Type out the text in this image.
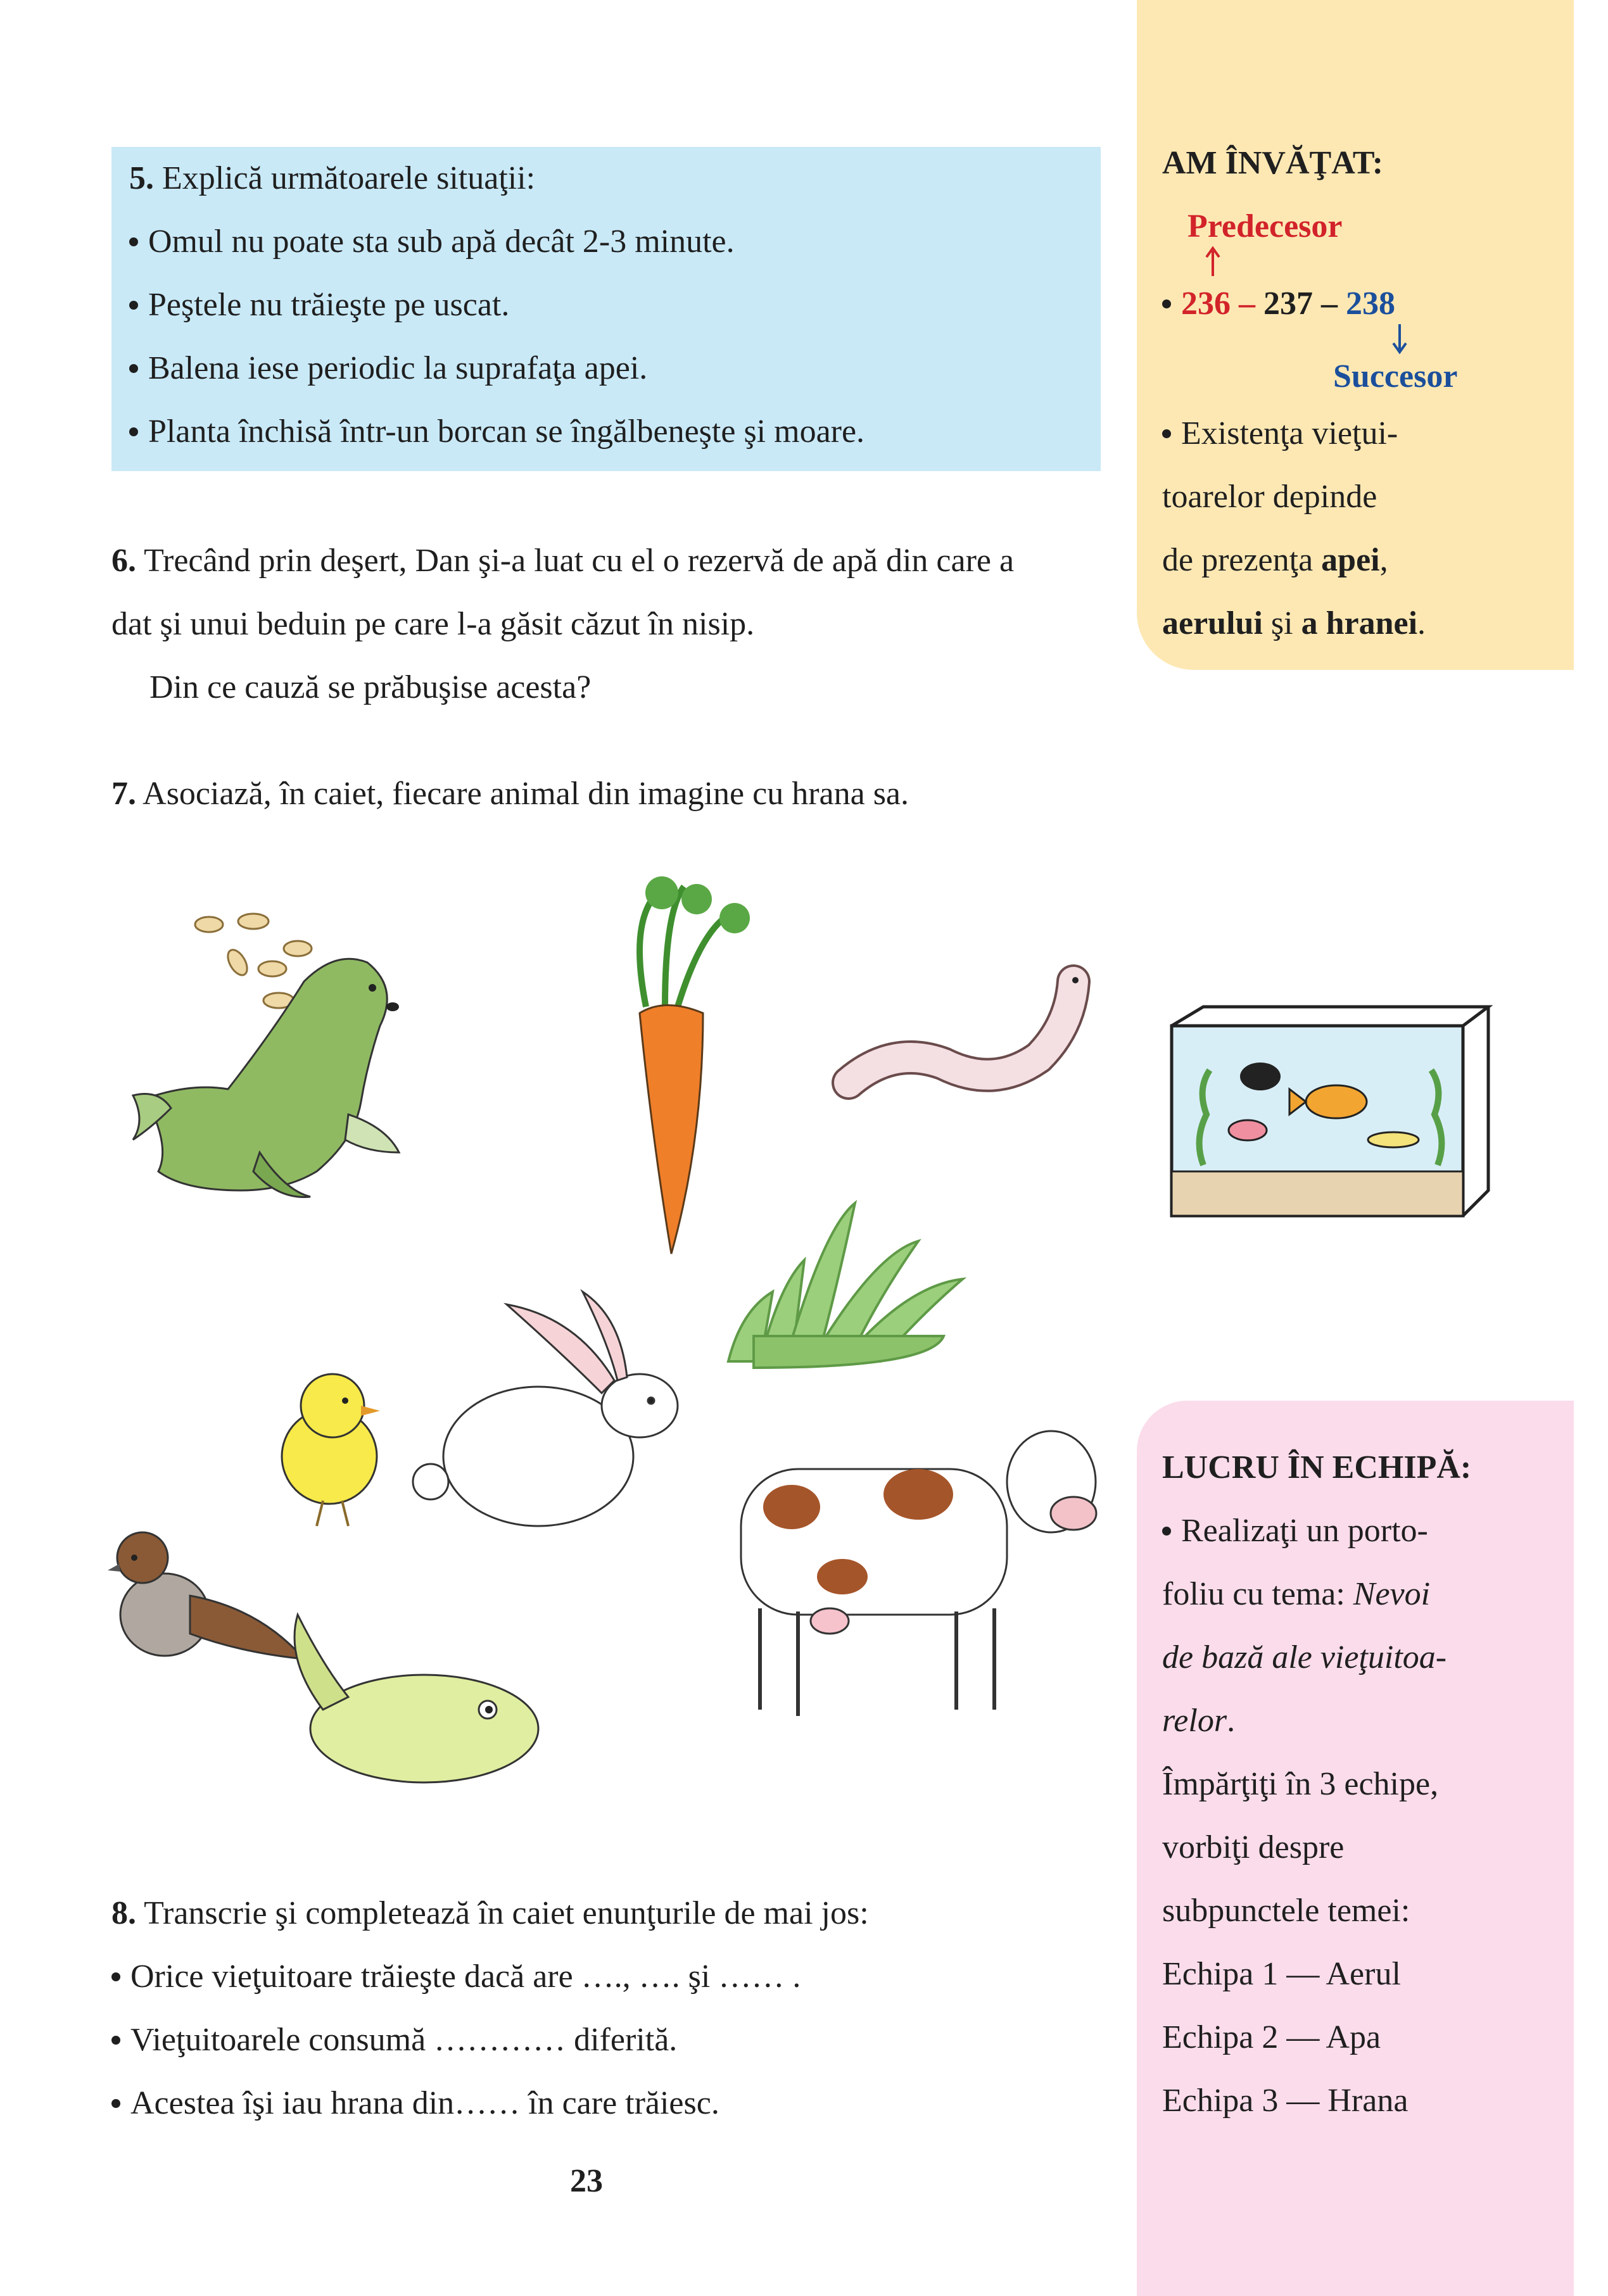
5. Explică următoarele situaţii:

Omul nu poate sta sub apă decât 2-3 minute.

Peştele nu trăieşte pe uscat.

Balena iese periodic la suprafaţa apei.

Planta închisă într-un borcan se îngălbeneşte şi moare.

6. Trecând prin deşert, Dan şi-a luat cu el o rezervă de apă din care a

dat şi unui beduin pe care l-a găsit căzut în nisip.

Din ce cauză se prăbuşise acesta?

7. Asociază, în caiet, fiecare animal din imagine cu hrana sa.

8. Transcrie şi completează în caiet enunţurile de mai jos:

Orice vieţuitoare trăieşte dacă are …., …. şi …… .

Vieţuitoarele consumă ………… diferită.

Acestea îşi iau hrana din…… în care trăiesc.

23

AM ÎNVĂŢAT:

Predecesor

236 – 237 – 238

Succesor

Existenţa vieţui-

toarelor depinde

de prezenţa apei,

aerului şi a hranei.

LUCRU ÎN ECHIPĂ:

Realizaţi un porto-

foliu cu tema: Nevoi

de bază ale vieţuitoa-

relor.

Împărţiţi în 3 echipe,

vorbiţi despre

subpunctele temei:

Echipa 1 — Aerul

Echipa 2 — Apa

Echipa 3 — Hrana
